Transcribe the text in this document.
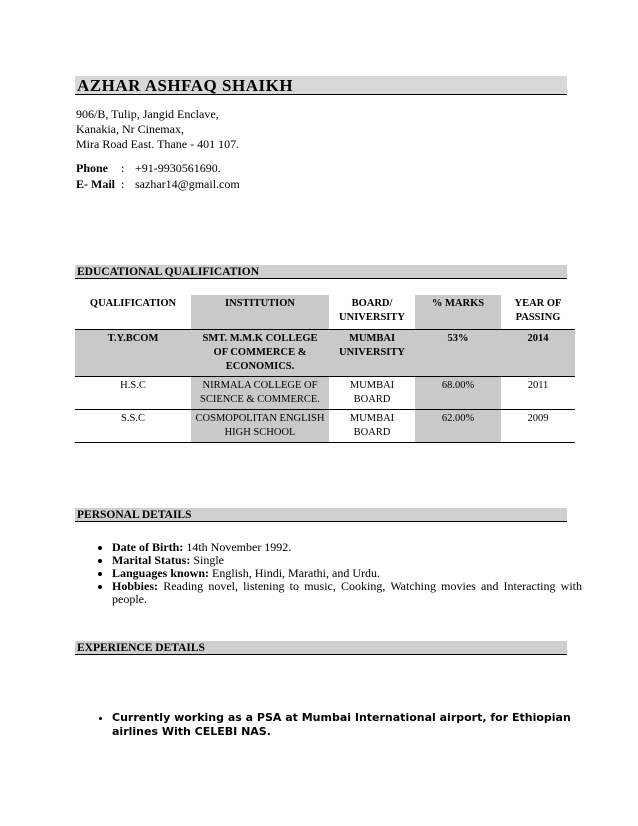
AZHAR ASHFAQ SHAIKH
906/B, Tulip, Jangid Enclave,
Kanakia, Nr Cinemax,
Mira Road East. Thane - 401 107.
Phone : +91-9930561690.
E- Mail : sazhar14@gmail.com
EDUCATIONAL QUALIFICATION
QUALIFICATION	INSTITUTION	BOARD/ UNIVERSITY	% MARKS	YEAR OF PASSING
T.Y.BCOM	SMT. M.M.K COLLEGE OF COMMERCE & ECONOMICS.	MUMBAI UNIVERSITY	53%	2014
H.S.C	NIRMALA COLLEGE OF SCIENCE & COMMERCE.	MUMBAI BOARD	68.00%	2011
S.S.C	COSMOPOLITAN ENGLISH HIGH SCHOOL	MUMBAI BOARD	62.00%	2009
PERSONAL DETAILS
• Date of Birth: 14th November 1992.
• Marital Status: Single
• Languages known: English, Hindi, Marathi, and Urdu.
• Hobbies: Reading novel, listening to music, Cooking, Watching movies and Interacting with people.
EXPERIENCE DETAILS
• Currently working as a PSA at Mumbai International airport, for Ethiopian airlines With CELEBI NAS.
